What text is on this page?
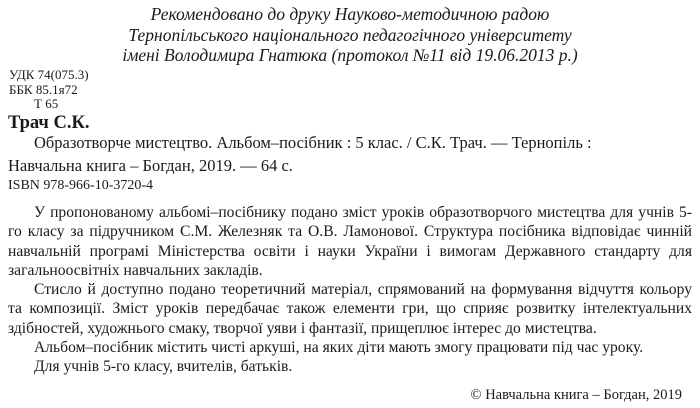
Рекомендовано до друку Науково-методичною радою
Тернопільського національного педагогічного університету
імені Володимира Гнатюка (протокол №11 від 19.06.2013 р.)
УДК 74(075.3)
ББК 85.1я72
Т 65
Трач С.К.
Образотворче мистецтво. Альбом–посібник : 5 клас. / С.К. Трач. — Тернопіль :
Навчальна книга – Богдан, 2019. — 64 с.
ISBN 978-966-10-3720-4
У пропонованому альбомі–посібнику подано зміст уроків образотворчого мистецтва для учнів 5-го класу за підручником С.М. Железняк та О.В. Ламонової. Структура посібника відповідає чинній навчальній програмі Міністерства освіти і науки України і вимогам Державного стандарту для загальноосвітніх навчальних закладів.
Стисло й доступно подано теоретичний матеріал, спрямований на формування відчуття кольору та композиції. Зміст уроків передбачає також елементи гри, що сприяє розвитку інтелектуальних здібностей, художнього смаку, творчої уяви і фантазії, прищеплює інтерес до мистецтва.
Альбом–посібник містить чисті аркуші, на яких діти мають змогу працювати під час уроку.
Для учнів 5-го класу, вчителів, батьків.
© Навчальна книга – Богдан, 2019
